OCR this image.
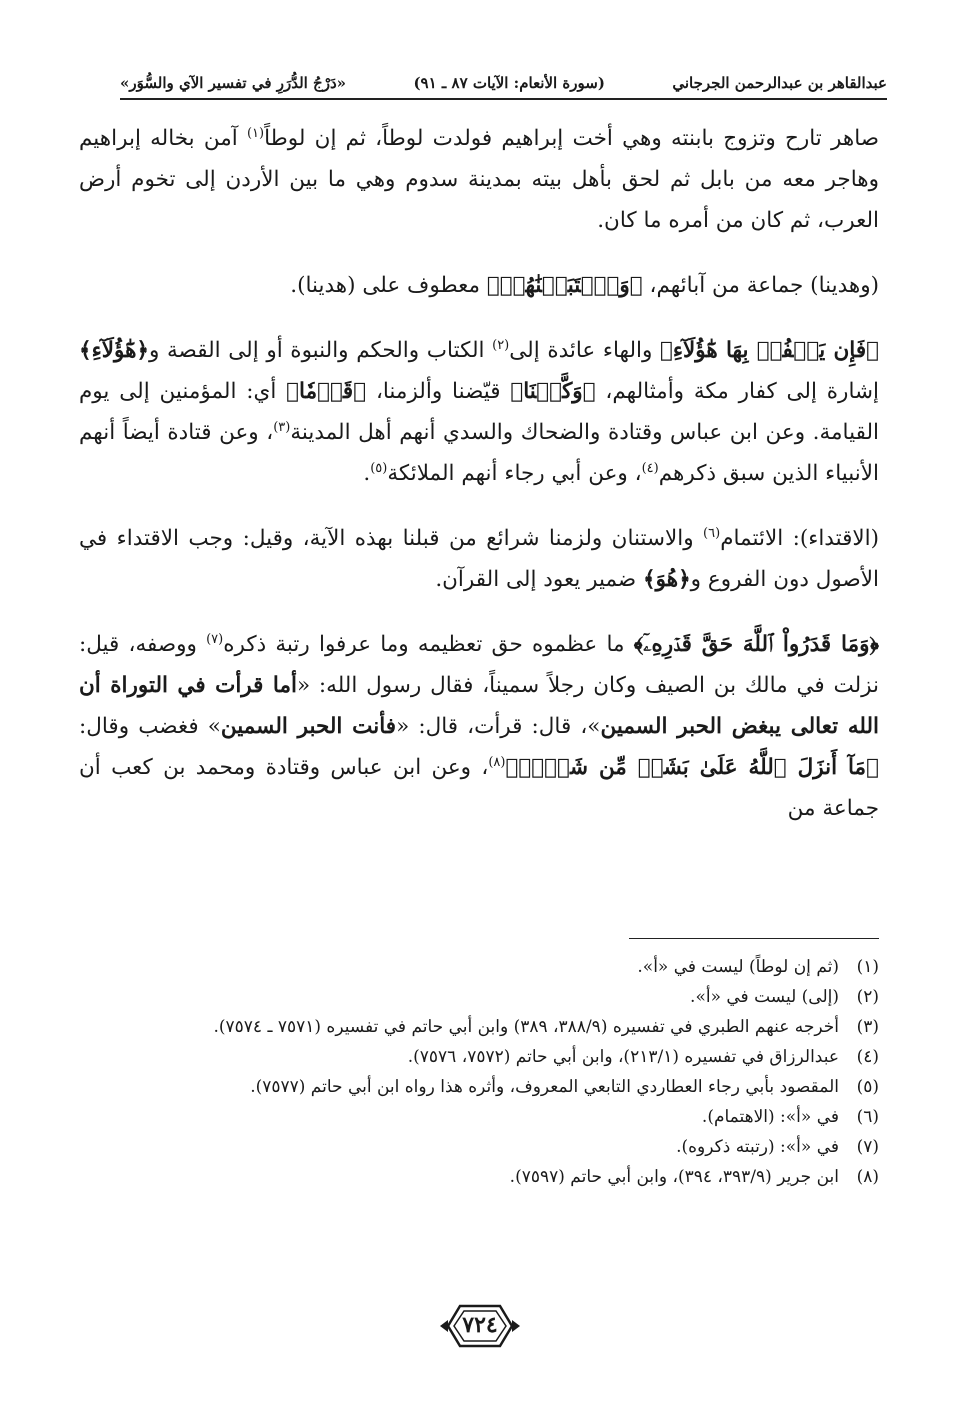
عبدالقاهر بن عبدالرحمن الجرجاني
(سورة الأنعام: الآيات ٨٧ ـ ٩١)
«دَرْجُ الدُّرَرِ في تفسير الآي والسُّوَر»

صاهر تارح وتزوج بابنته وهي أخت إبراهيم فولدت لوطاً، ثم إن لوطاً$^{(١)}$ آمن بخاله إبراهيم وهاجر معه من بابل ثم لحق بأهل بيته بمدينة سدوم وهي ما بين الأردن إلى تخوم أرض العرب، ثم كان من أمره ما كان.

(وهدينا) جماعة من آبائهم، ﴿وَٱجۡتَبَيۡنَٰهُمۡ﴾ معطوف على (هدينا).

﴿فَإِن يَكۡفُرۡ بِهَا هَٰٓؤُلَآءِ﴾ والهاء عائدة إلى$^{(٢)}$ الكتاب والحكم والنبوة أو إلى القصة و﴿هَٰٓؤُلَآءِ﴾ إشارة إلى كفار مكة وأمثالهم، ﴿وَكَّلۡنَا﴾ قيّضنا وألزمنا، ﴿قَوۡمٗا﴾ أي: المؤمنين إلى يوم القيامة. وعن ابن عباس وقتادة والضحاك والسدي أنهم أهل المدينة$^{(٣)}$، وعن قتادة أيضاً أنهم الأنبياء الذين سبق ذكرهم$^{(٤)}$، وعن أبي رجاء أنهم الملائكة$^{(٥)}$.

(الاقتداء): الائتمام$^{(٦)}$ والاستنان ولزمنا شرائع من قبلنا بهذه الآية، وقيل: وجب الاقتداء في الأصول دون الفروع و﴿هُوَ﴾ ضمير يعود إلى القرآن.

﴿وَمَا قَدَرُواْ ٱللَّهَ حَقَّ قَدۡرِهِۦٓ﴾ ما عظموه حق تعظيمه وما عرفوا رتبة ذكره$^{(٧)}$ ووصفه، قيل: نزلت في مالك بن الصيف وكان رجلاً سميناً، فقال رسول الله: «أما قرأت في التوراة أن الله تعالى يبغض الحبر السمين»، قال: قرأت، قال: «فأنت الحبر السمين» فغضب وقال: ﴿مَآ أَنزَلَ ٱللَّهُ عَلَىٰ بَشَرٖ مِّن شَيۡءٖ﴾$^{(٨)}$، وعن ابن عباس وقتادة ومحمد بن كعب أن جماعة من

(١)
(ثم إن لوطاً) ليست في «أ».
(٢)
(إلى) ليست في «أ».
(٣)
أخرجه عنهم الطبري في تفسيره (٣٨٨/٩، ٣٨٩) وابن أبي حاتم في تفسيره (٧٥٧١ ـ ٧٥٧٤).
(٤)
عبدالرزاق في تفسيره (٢١٣/١)، وابن أبي حاتم (٧٥٧٢، ٧٥٧٦).
(٥)
المقصود بأبي رجاء العطاردي التابعي المعروف، وأثره هذا رواه ابن أبي حاتم (٧٥٧٧).
(٦)
في «أ»: (الاهتمام).
(٧)
في «أ»: (رتبته ذكروه).
(٨)
ابن جرير (٣٩٣/٩، ٣٩٤)، وابن أبي حاتم (٧٥٩٧).
٧٢٤
